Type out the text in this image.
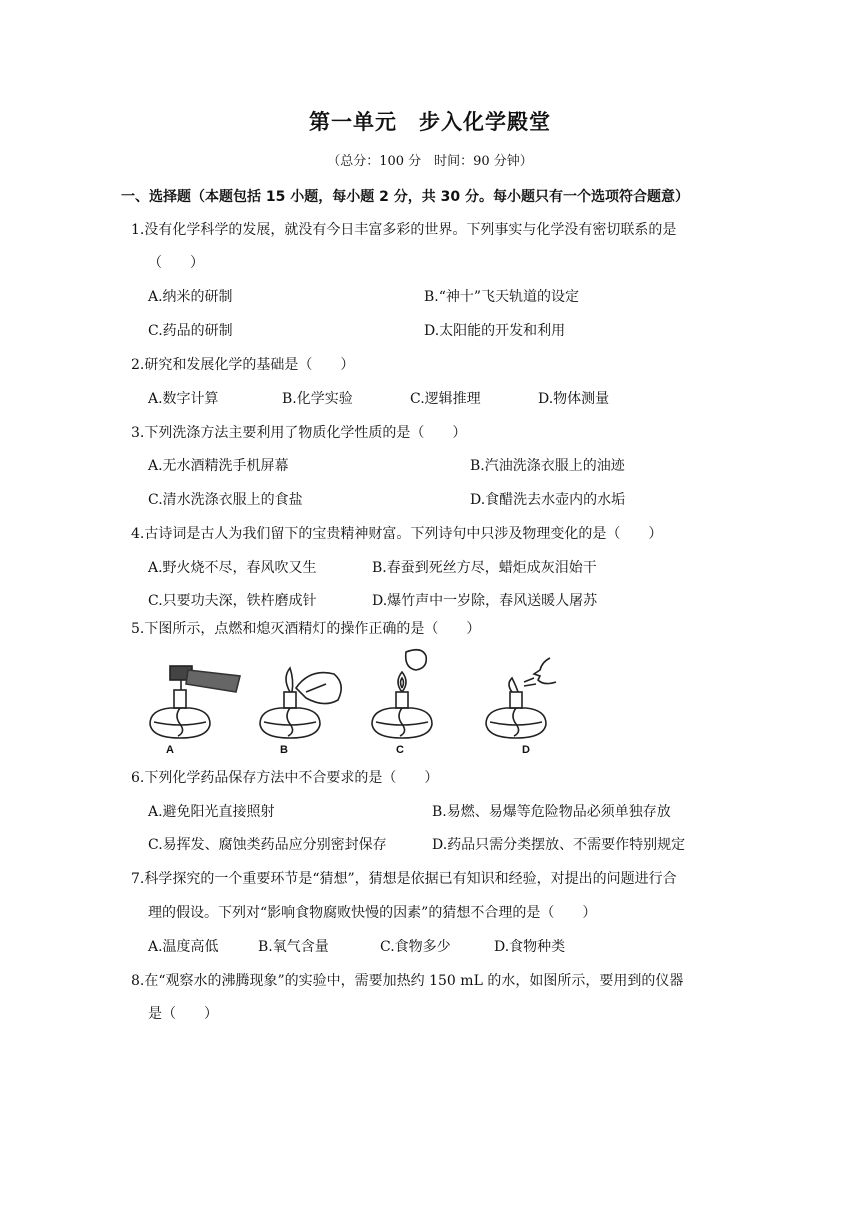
第一单元　步入化学殿堂
（总分：100 分　时间：90 分钟）
一、选择题（本题包括 15 小题，每小题 2 分，共 30 分。每小题只有一个选项符合题意）
1.没有化学科学的发展，就没有今日丰富多彩的世界。下列事实与化学没有密切联系的是
（　　）
A.纳米的研制	B.“神十”飞天轨道的设定
C.药品的研制	D.太阳能的开发和利用
2.研究和发展化学的基础是（　　）
A.数字计算	B.化学实验	C.逻辑推理	D.物体测量
3.下列洗涤方法主要利用了物质化学性质的是（　　）
A.无水酒精洗手机屏幕	B.汽油洗涤衣服上的油迹
C.清水洗涤衣服上的食盐	D.食醋洗去水壶内的水垢
4.古诗词是古人为我们留下的宝贵精神财富。下列诗句中只涉及物理变化的是（　　）
A.野火烧不尽，春风吹又生	B.春蚕到死丝方尽，蜡炬成灰泪始干
C.只要功夫深，铁杵磨成针	D.爆竹声中一岁除，春风送暖人屠苏
5.下图所示，点燃和熄灭酒精灯的操作正确的是（　　）
A	B	C	D
6.下列化学药品保存方法中不合要求的是（　　）
A.避免阳光直接照射	B.易燃、易爆等危险物品必须单独存放
C.易挥发、腐蚀类药品应分别密封保存	D.药品只需分类摆放、不需要作特别规定
7.科学探究的一个重要环节是“猜想”，猜想是依据已有知识和经验，对提出的问题进行合
理的假设。下列对“影响食物腐败快慢的因素”的猜想不合理的是（　　）
A.温度高低	B.氧气含量	C.食物多少	D.食物种类
8.在“观察水的沸腾现象”的实验中，需要加热约 150 mL 的水，如图所示，要用到的仪器
是（　　）
